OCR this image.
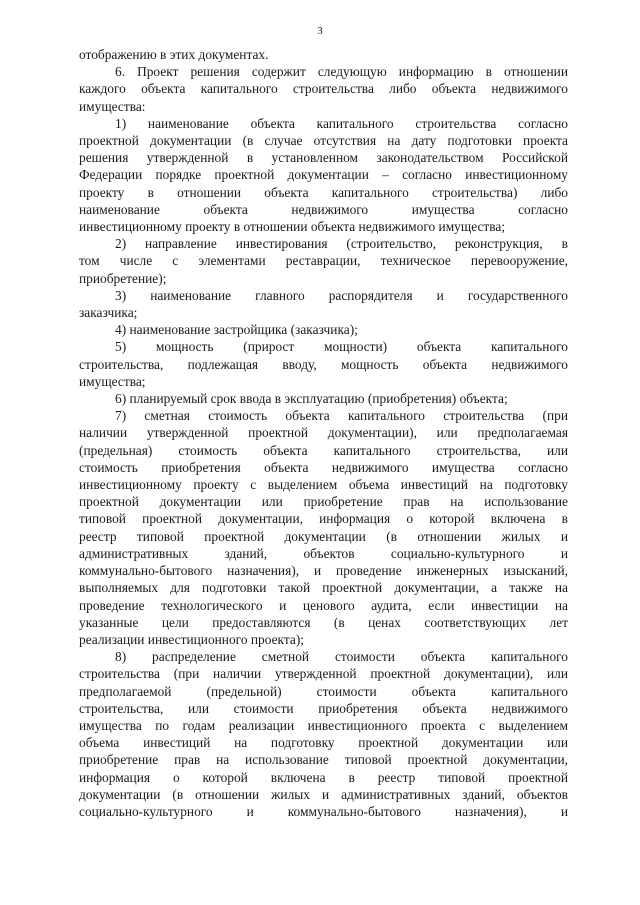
3
отображению в этих документах.
6. Проект решения содержит следующую информацию в отношении
каждого объекта капитального строительства либо объекта недвижимого
имущества:
1) наименование объекта капитального строительства согласно
проектной документации (в случае отсутствия на дату подготовки проекта
решения утвержденной в установленном законодательством Российской
Федерации порядке проектной документации – согласно инвестиционному
проекту в отношении объекта капитального строительства) либо
наименование объекта недвижимого имущества согласно
инвестиционному проекту в отношении объекта недвижимого имущества;
2) направление инвестирования (строительство, реконструкция, в
том числе с элементами реставрации, техническое перевооружение,
приобретение);
3) наименование главного распорядителя и государственного
заказчика;
4) наименование застройщика (заказчика);
5) мощность (прирост мощности) объекта капитального
строительства, подлежащая вводу, мощность объекта недвижимого
имущества;
6) планируемый срок ввода в эксплуатацию (приобретения) объекта;
7) сметная стоимость объекта капитального строительства (при
наличии утвержденной проектной документации), или предполагаемая
(предельная) стоимость объекта капитального строительства, или
стоимость приобретения объекта недвижимого имущества согласно
инвестиционному проекту с выделением объема инвестиций на подготовку
проектной документации или приобретение прав на использование
типовой проектной документации, информация о которой включена в
реестр типовой проектной документации (в отношении жилых и
административных зданий, объектов социально-культурного и
коммунально-бытового назначения), и проведение инженерных изысканий,
выполняемых для подготовки такой проектной документации, а также на
проведение технологического и ценового аудита, если инвестиции на
указанные цели предоставляются (в ценах соответствующих лет
реализации инвестиционного проекта);
8) распределение сметной стоимости объекта капитального
строительства (при наличии утвержденной проектной документации), или
предполагаемой (предельной) стоимости объекта капитального
строительства, или стоимости приобретения объекта недвижимого
имущества по годам реализации инвестиционного проекта с выделением
объема инвестиций на подготовку проектной документации или
приобретение прав на использование типовой проектной документации,
информация о которой включена в реестр типовой проектной
документации (в отношении жилых и административных зданий, объектов
социально-культурного и коммунально-бытового назначения), и
